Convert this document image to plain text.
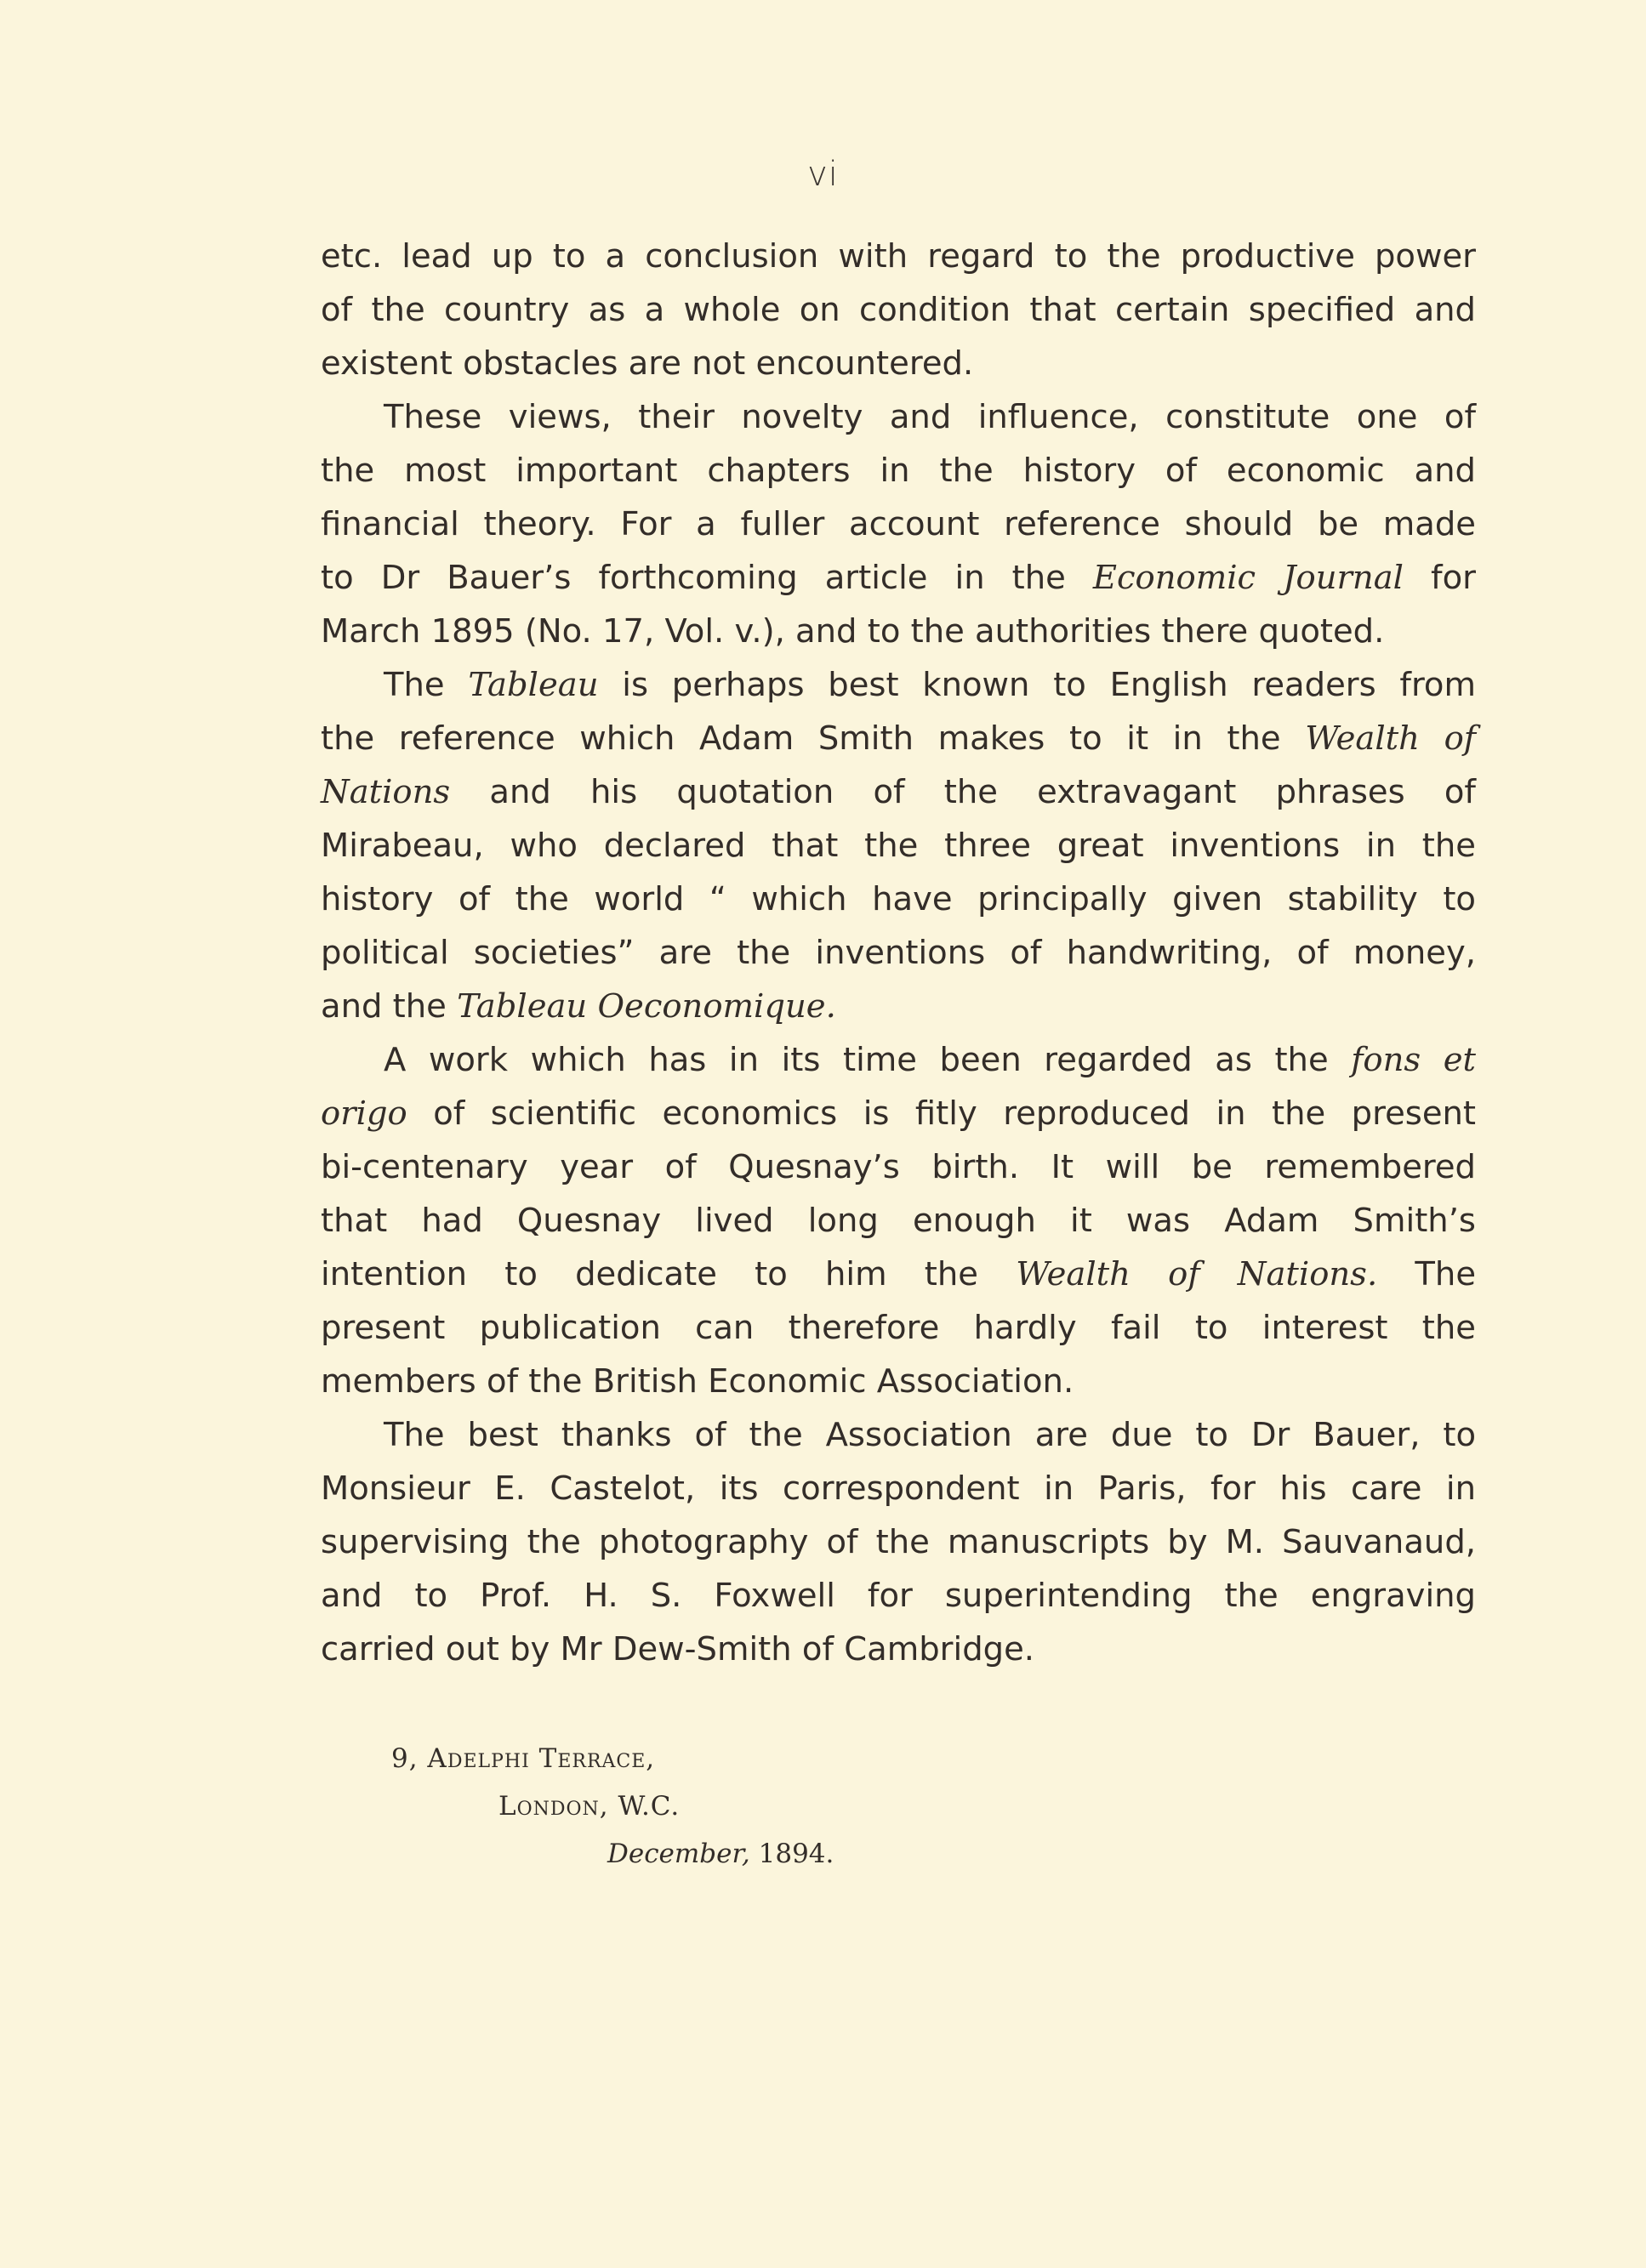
vi
etc. lead up to a conclusion with regard to the productive power
of the country as a whole on condition that certain specified and
existent obstacles are not encountered.
These views, their novelty and influence, constitute one of
the most important chapters in the history of economic and
financial theory. For a fuller account reference should be made
to Dr Bauer’s forthcoming article in the Economic Journal for
March 1895 (No. 17, Vol. v.), and to the authorities there quoted.
The Tableau is perhaps best known to English readers from
the reference which Adam Smith makes to it in the Wealth of
Nations and his quotation of the extravagant phrases of
Mirabeau, who declared that the three great inventions in the
history of the world “ which have principally given stability to
political societies” are the inventions of handwriting, of money,
and the Tableau Oeconomique.
A work which has in its time been regarded as the fons et
origo of scientific economics is fitly reproduced in the present
bi-centenary year of Quesnay’s birth. It will be remembered
that had Quesnay lived long enough it was Adam Smith’s
intention to dedicate to him the Wealth of Nations. The
present publication can therefore hardly fail to interest the
members of the British Economic Association.
The best thanks of the Association are due to Dr Bauer, to
Monsieur E. Castelot, its correspondent in Paris, for his care in
supervising the photography of the manuscripts by M. Sauvanaud,
and to Prof. H. S. Foxwell for superintending the engraving
carried out by Mr Dew-Smith of Cambridge.
9, Adelphi Terrace,
London, W.C.
December, 1894.
